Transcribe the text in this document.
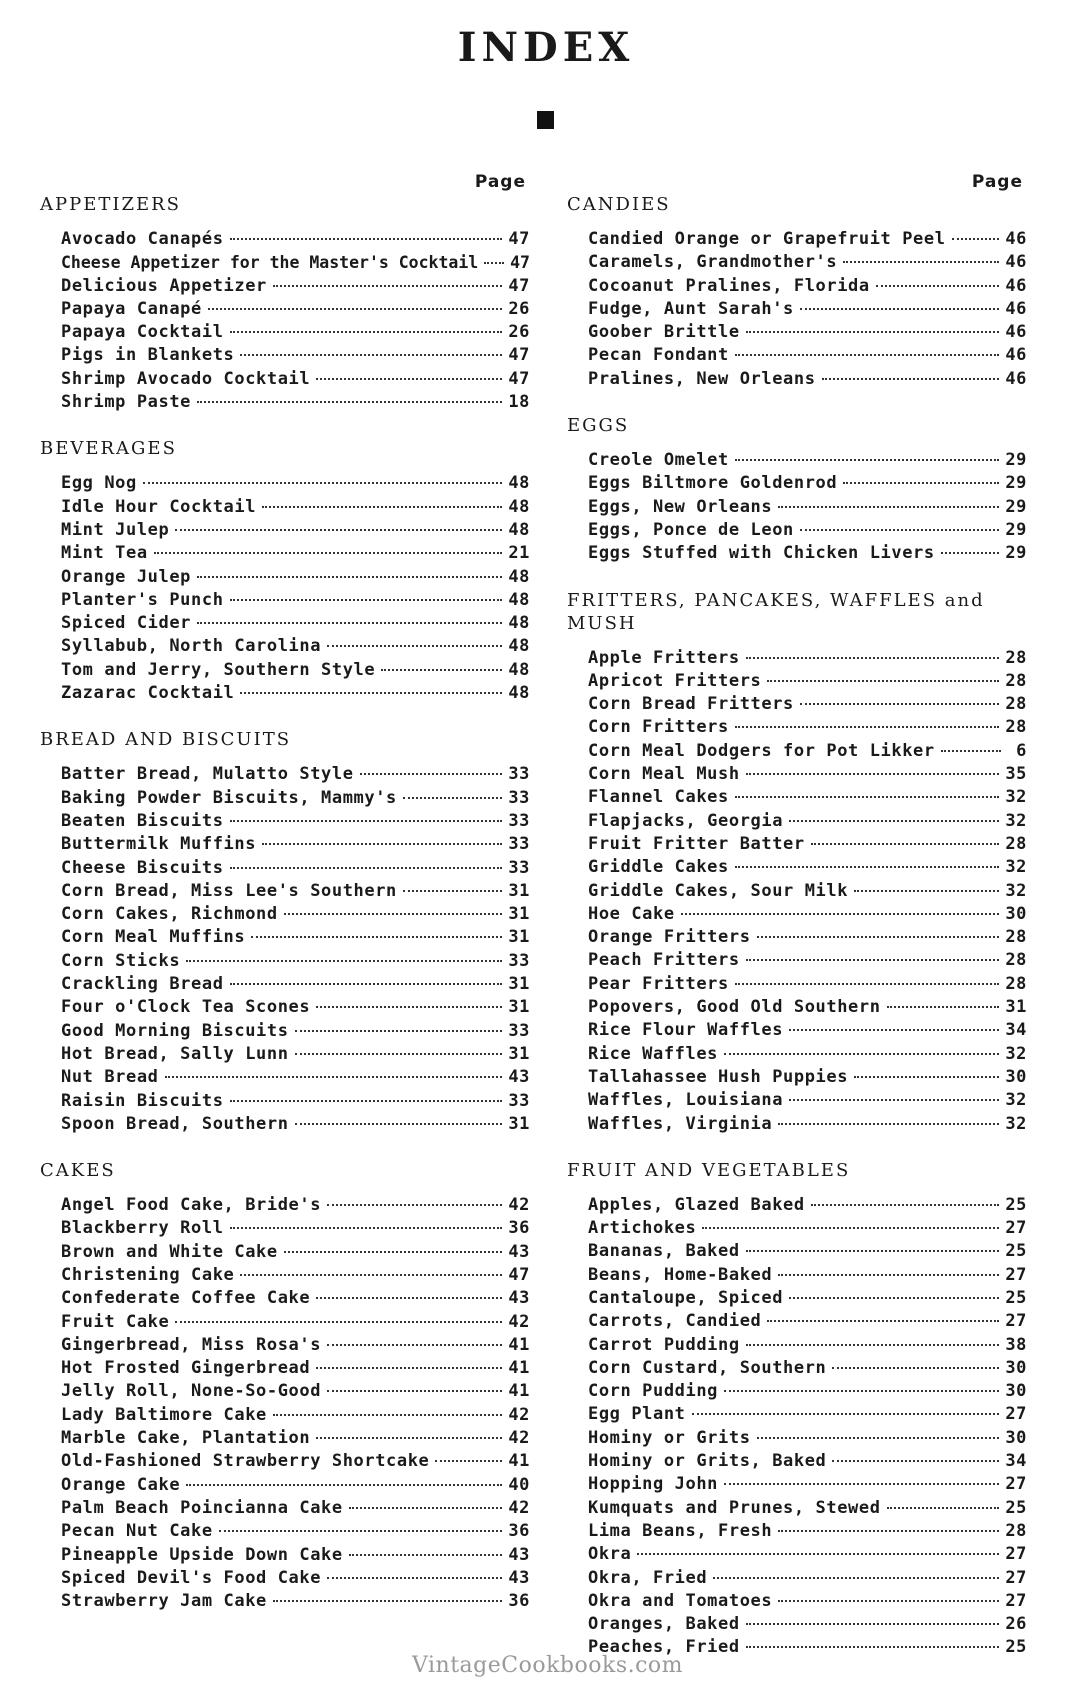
INDEX
Page
APPETIZERS
Avocado Canapés	47
Cheese Appetizer for the Master's Cocktail 47
Delicious Appetizer	47
Papaya Canapé	26
Papaya Cocktail	26
Pigs in Blankets	47
Shrimp Avocado Cocktail	47
Shrimp Paste	18
BEVERAGES
Egg Nog	48
Idle Hour Cocktail	48
Mint Julep	48
Mint Tea	21
Orange Julep	48
Planter's Punch	48
Spiced Cider	48
Syllabub, North Carolina	48
Tom and Jerry, Southern Style	48
Zazarac Cocktail	48
BREAD AND BISCUITS
Batter Bread, Mulatto Style	33
Baking Powder Biscuits, Mammy's	33
Beaten Biscuits	33
Buttermilk Muffins	33
Cheese Biscuits	33
Corn Bread, Miss Lee's Southern	31
Corn Cakes, Richmond	31
Corn Meal Muffins	31
Corn Sticks	33
Crackling Bread	31
Four o'Clock Tea Scones	31
Good Morning Biscuits	33
Hot Bread, Sally Lunn	31
Nut Bread	43
Raisin Biscuits	33
Spoon Bread, Southern	31
CAKES
Angel Food Cake, Bride's	42
Blackberry Roll	36
Brown and White Cake	43
Christening Cake	47
Confederate Coffee Cake	43
Fruit Cake	42
Gingerbread, Miss Rosa's	41
Hot Frosted Gingerbread	41
Jelly Roll, None-So-Good	41
Lady Baltimore Cake	42
Marble Cake, Plantation	42
Old-Fashioned Strawberry Shortcake	41
Orange Cake	40
Palm Beach Poincianna Cake	42
Pecan Nut Cake	36
Pineapple Upside Down Cake	43
Spiced Devil's Food Cake	43
Strawberry Jam Cake	36
Page
CANDIES
Candied Orange or Grapefruit Peel	46
Caramels, Grandmother's	46
Cocoanut Pralines, Florida	46
Fudge, Aunt Sarah's	46
Goober Brittle	46
Pecan Fondant	46
Pralines, New Orleans	46
EGGS
Creole Omelet	29
Eggs Biltmore Goldenrod	29
Eggs, New Orleans	29
Eggs, Ponce de Leon	29
Eggs Stuffed with Chicken Livers	29
FRITTERS, PANCAKES, WAFFLES and MUSH
Apple Fritters	28
Apricot Fritters	28
Corn Bread Fritters	28
Corn Fritters	28
Corn Meal Dodgers for Pot Likker	6
Corn Meal Mush	35
Flannel Cakes	32
Flapjacks, Georgia	32
Fruit Fritter Batter	28
Griddle Cakes	32
Griddle Cakes, Sour Milk	32
Hoe Cake	30
Orange Fritters	28
Peach Fritters	28
Pear Fritters	28
Popovers, Good Old Southern	31
Rice Flour Waffles	34
Rice Waffles	32
Tallahassee Hush Puppies	30
Waffles, Louisiana	32
Waffles, Virginia	32
FRUIT AND VEGETABLES
Apples, Glazed Baked	25
Artichokes	27
Bananas, Baked	25
Beans, Home-Baked	27
Cantaloupe, Spiced	25
Carrots, Candied	27
Carrot Pudding	38
Corn Custard, Southern	30
Corn Pudding	30
Egg Plant	27
Hominy or Grits	30
Hominy or Grits, Baked	34
Hopping John	27
Kumquats and Prunes, Stewed	25
Lima Beans, Fresh	28
Okra	27
Okra, Fried	27
Okra and Tomatoes	27
Oranges, Baked	26
Peaches, Fried	25
VintageCookbooks.com
